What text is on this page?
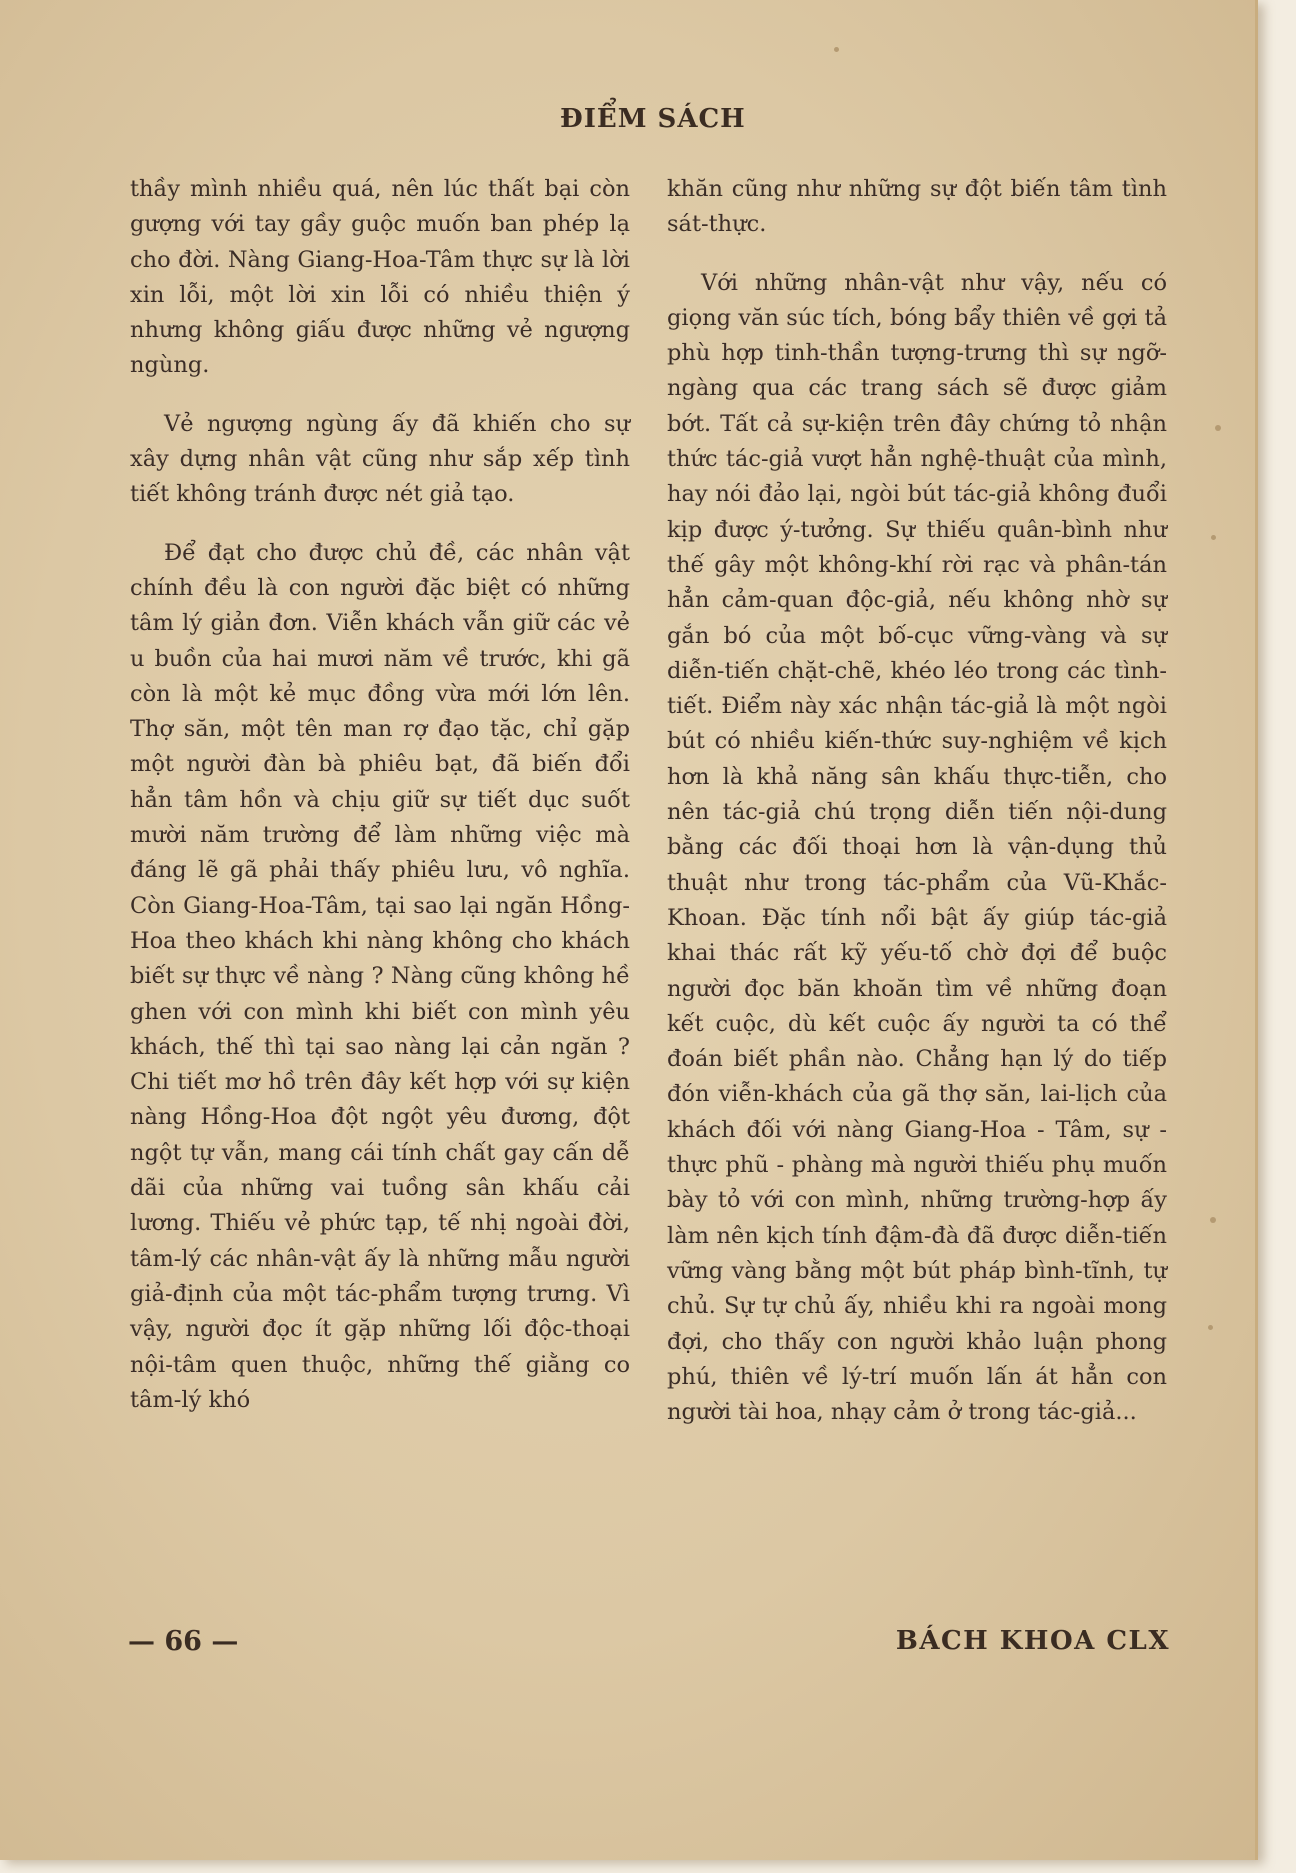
ĐIỂM SÁCH

thầy mình nhiều quá, nên lúc thất bại còn gượng với tay gầy guộc muốn ban phép lạ cho đời. Nàng Giang-Hoa-Tâm thực sự là lời xin lỗi, một lời xin lỗi có nhiều thiện ý nhưng không giấu được những vẻ ngượng ngùng.

Vẻ ngượng ngùng ấy đã khiến cho sự xây dựng nhân vật cũng như sắp xếp tình tiết không tránh được nét giả tạo.

Để đạt cho được chủ đề, các nhân vật chính đều là con người đặc biệt có những tâm lý giản đơn. Viễn khách vẫn giữ các vẻ u buồn của hai mươi năm về trước, khi gã còn là một kẻ mục đồng vừa mới lớn lên. Thợ săn, một tên man rợ đạo tặc, chỉ gặp một người đàn bà phiêu bạt, đã biến đổi hẳn tâm hồn và chịu giữ sự tiết dục suốt mười năm trường để làm những việc mà đáng lẽ gã phải thấy phiêu lưu, vô nghĩa. Còn Giang-Hoa-Tâm, tại sao lại ngăn Hồng-Hoa theo khách khi nàng không cho khách biết sự thực về nàng ? Nàng cũng không hề ghen với con mình khi biết con mình yêu khách, thế thì tại sao nàng lại cản ngăn ? Chi tiết mơ hồ trên đây kết hợp với sự kiện nàng Hồng-Hoa đột ngột yêu đương, đột ngột tự vẫn, mang cái tính chất gay cấn dễ dãi của những vai tuồng sân khấu cải lương. Thiếu vẻ phức tạp, tế nhị ngoài đời, tâm-lý các nhân-vật ấy là những mẫu người giả-định của một tác-phẩm tượng trưng. Vì vậy, người đọc ít gặp những lối độc-thoại nội-tâm quen thuộc, những thế giằng co tâm-lý khó

khăn cũng như những sự đột biến tâm tình sát-thực.

Với những nhân-vật như vậy, nếu có giọng văn súc tích, bóng bẩy thiên về gợi tả phù hợp tinh-thần tượng-trưng thì sự ngỡ-ngàng qua các trang sách sẽ được giảm bớt. Tất cả sự-kiện trên đây chứng tỏ nhận thức tác-giả vượt hẳn nghệ-thuật của mình, hay nói đảo lại, ngòi bút tác-giả không đuổi kịp được ý-tưởng. Sự thiếu quân-bình như thế gây một không-khí rời rạc và phân-tán hẳn cảm-quan độc-giả, nếu không nhờ sự gắn bó của một bố-cục vững-vàng và sự diễn-tiến chặt-chẽ, khéo léo trong các tình-tiết. Điểm này xác nhận tác-giả là một ngòi bút có nhiều kiến-thức suy-nghiệm về kịch hơn là khả năng sân khấu thực-tiễn, cho nên tác-giả chú trọng diễn tiến nội-dung bằng các đối thoại hơn là vận-dụng thủ thuật như trong tác-phẩm của Vũ-Khắc-Khoan. Đặc tính nổi bật ấy giúp tác-giả khai thác rất kỹ yếu-tố chờ đợi để buộc người đọc băn khoăn tìm về những đoạn kết cuộc, dù kết cuộc ấy người ta có thể đoán biết phần nào. Chẳng hạn lý do tiếp đón viễn-khách của gã thợ săn, lai-lịch của khách đối với nàng Giang-Hoa - Tâm, sự - thực phũ - phàng mà người thiếu phụ muốn bày tỏ với con mình, những trường-hợp ấy làm nên kịch tính đậm-đà đã được diễn-tiến vững vàng bằng một bút pháp bình-tĩnh, tự chủ. Sự tự chủ ấy, nhiều khi ra ngoài mong đợi, cho thấy con người khảo luận phong phú, thiên về lý-trí muốn lấn át hẳn con người tài hoa, nhạy cảm ở trong tác-giả...

— 66 —	BÁCH KHOA CLX
